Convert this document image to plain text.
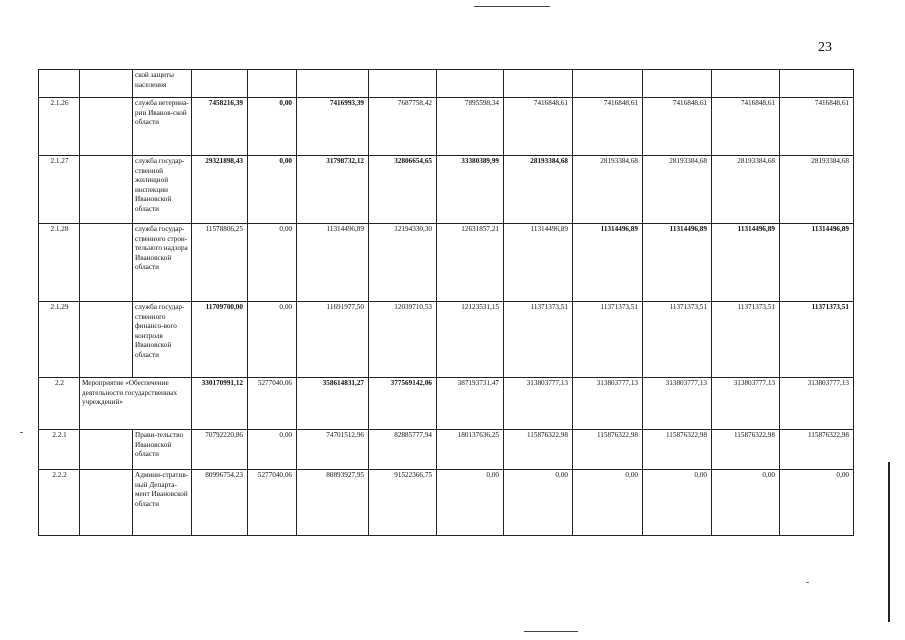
23
		ской защиты населения										
2.1.26		служба ветерина-рии Иванов-ской области	7458216,39	0,00	7416993,39	7687758,42	7895598,34	7416848,61	7416848,61	7416848,61	7416848,61	7416848,61
2.1.27		служба государ-ственной жилищной инспекции Ивановской области	29321898,43	0,00	31798732,12	32806654,65	33380389,99	28193384,68	28193384,68	28193384,68	28193384,68	28193384,68
2.1.28		служба государ-ственного строи-тельного надзора Ивановской области	11578806,25	0,00	11314496,89	12194330,30	12631857,21	11314496,89	11314496,89	11314496,89	11314496,89	11314496,89
2.1.29		служба государ-ственного финансо-вого контроля Ивановской области	11709700,00	0,00	11691977,50	12039710,53	12123531,15	11371373,51	11371373,51	11371373,51	11371373,51	11371373,51
2.2	Мероприятие «Обеспечение деятельности государственных учреждений»		330170991,12	5277040,06	358614831,27	377569142,06	387193731,47	313803777,13	313803777,13	313803777,13	313803777,13	313803777,13
2.2.1		Прави-тельство Ивановской области	70792220,86	0,00	74701512,96	82885777,94	180137636,25	115876322,98	115876322,98	115876322,98	115876322,98	115876322,98
2.2.2		Админи-стратив-ный Департа-мент Ивановской области	80996754,23	5277040,06	80893927,95	91522366,75	0,00	0,00	0,00	0,00	0,00	0,00
